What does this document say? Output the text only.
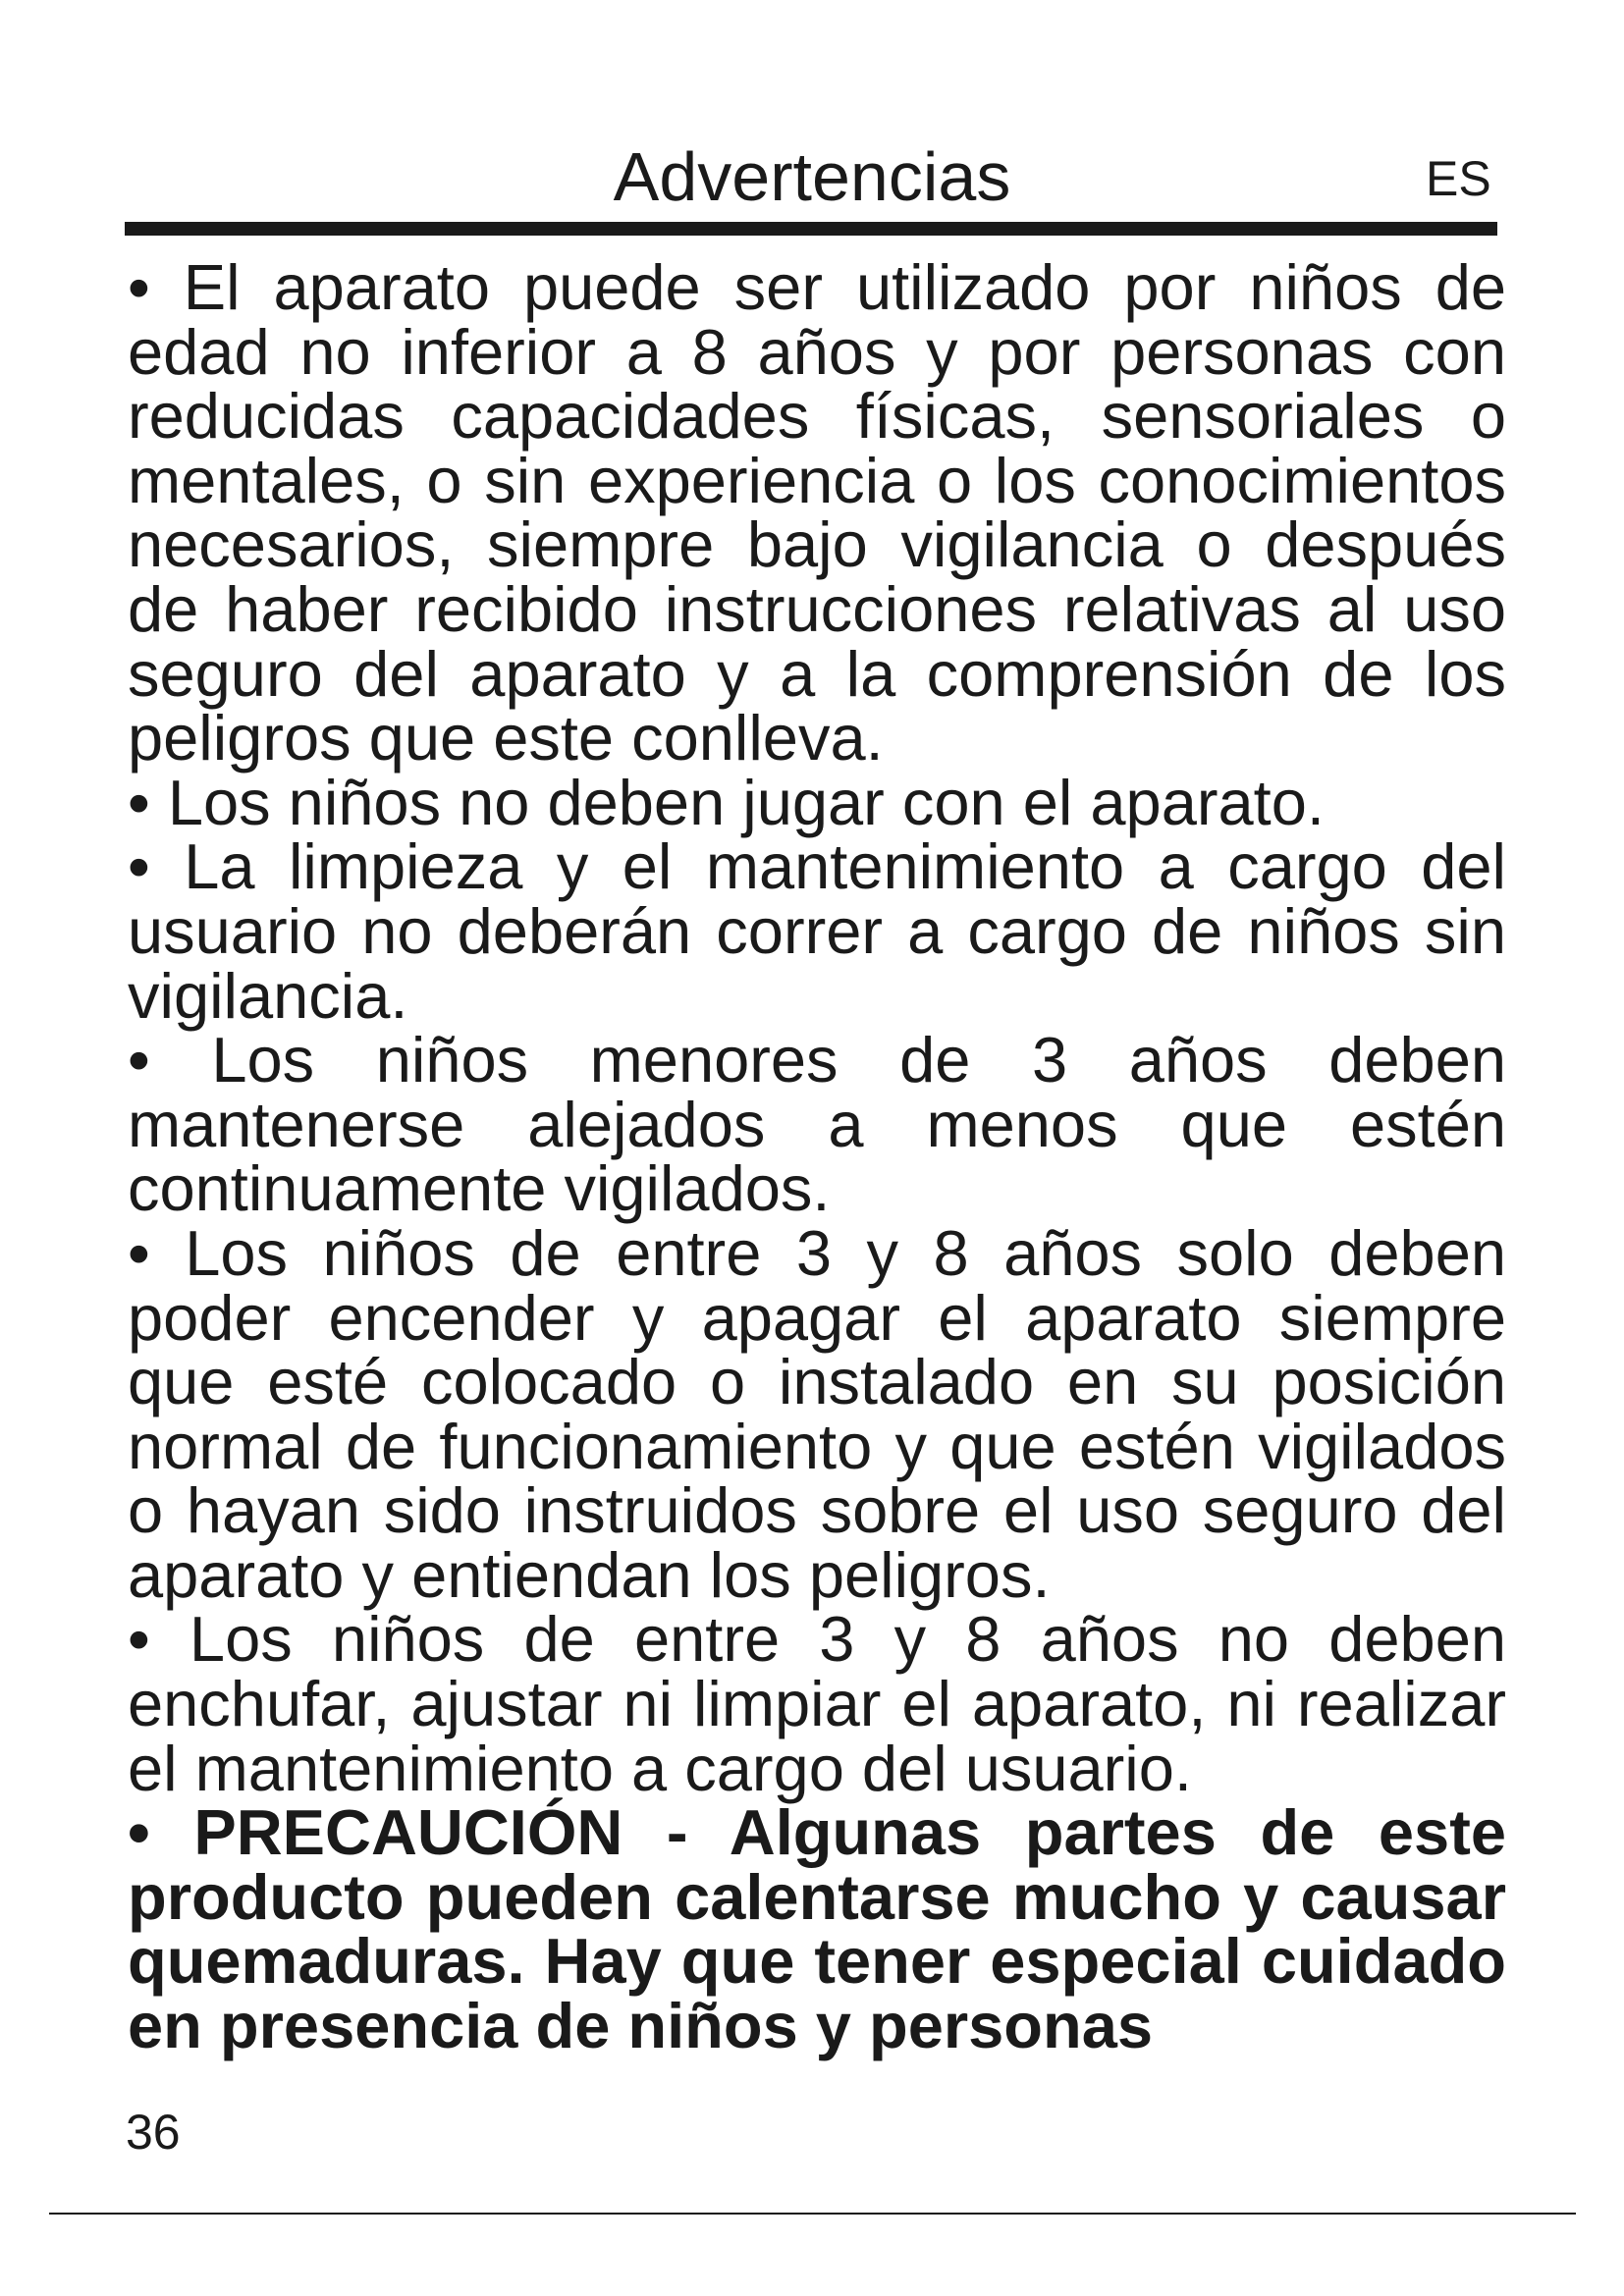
Advertencias	ES

• El aparato puede ser utilizado por niños de edad no inferior a 8 años y por personas con reducidas capacidades físicas, sensoriales o mentales, o sin experiencia o los conocimientos necesarios, siempre bajo vigilancia o después de haber recibido instrucciones relativas al uso seguro del aparato y a la comprensión de los peligros que este conlleva.

• Los niños no deben jugar con el aparato.

• La limpieza y el mantenimiento a cargo del usuario no deberán correr a cargo de niños sin vigilancia.

• Los niños menores de 3 años deben mantenerse alejados a menos que estén continuamente vigilados.

• Los niños de entre 3 y 8 años solo deben poder encender y apagar el aparato siempre que esté colocado o instalado en su posición normal de funcionamiento y que estén vigilados o hayan sido instruidos sobre el uso seguro del aparato y entiendan los peligros.

• Los niños de entre 3 y 8 años no deben enchufar, ajustar ni limpiar el aparato, ni realizar el mantenimiento a cargo del usuario.

• PRECAUCIÓN - Algunas partes de este producto pueden calentarse mucho y causar quemaduras. Hay que tener especial cuidado en presencia de niños y personas

36
